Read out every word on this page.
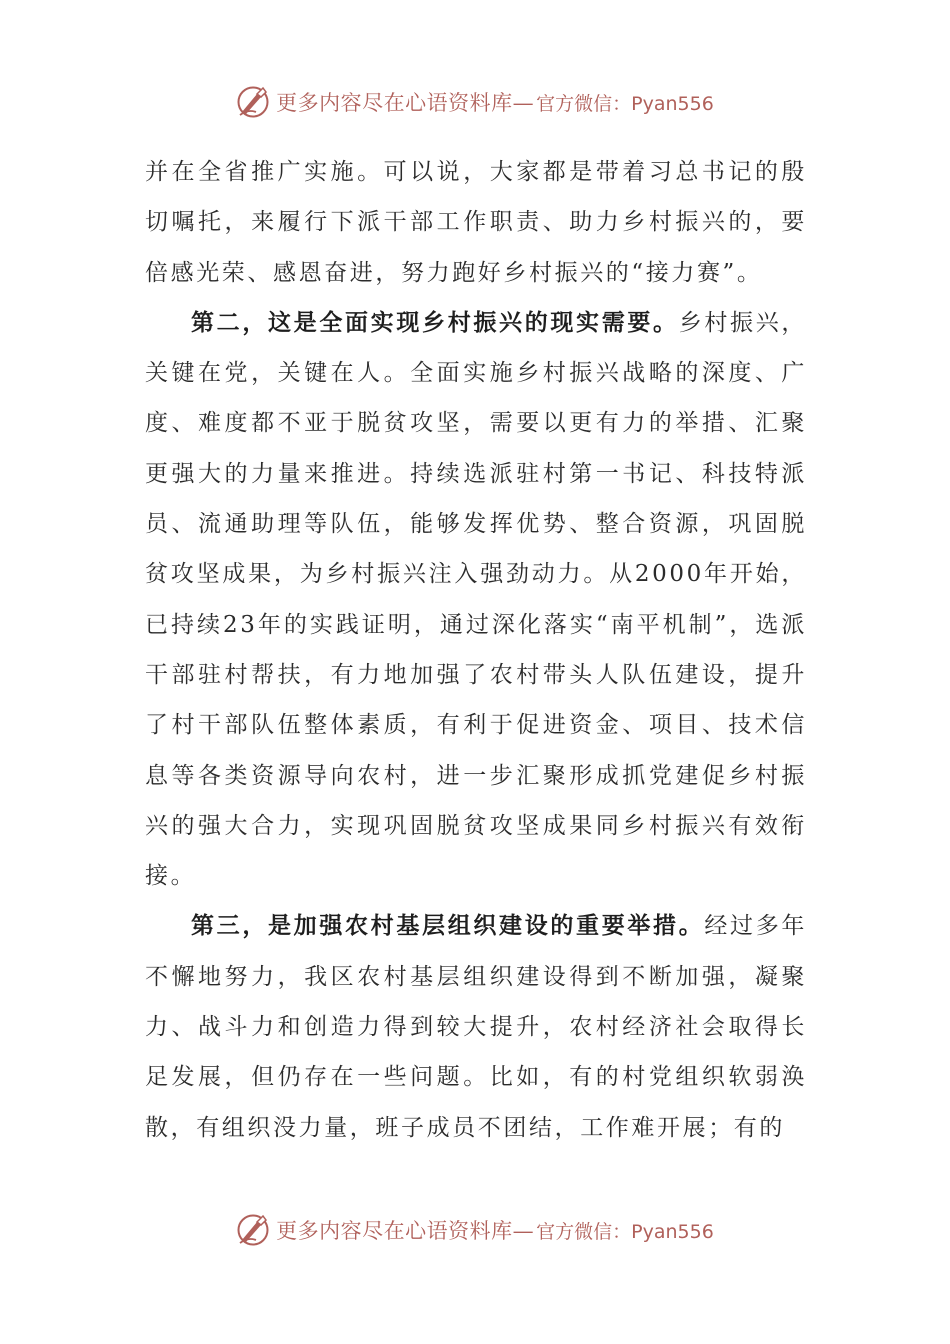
更多内容尽在心语资料库— 官方微信：Pyan556

并在全省推广实施。可以说，大家都是带着习总书记的殷切嘱托，来履行下派干部工作职责、助力乡村振兴的，要倍感光荣、感恩奋进，努力跑好乡村振兴的“接力赛”。

第二，这是全面实现乡村振兴的现实需要。乡村振兴，关键在党，关键在人。全面实施乡村振兴战略的深度、广度、难度都不亚于脱贫攻坚，需要以更有力的举措、汇聚更强大的力量来推进。持续选派驻村第一书记、科技特派员、流通助理等队伍，能够发挥优势、整合资源，巩固脱贫攻坚成果，为乡村振兴注入强劲动力。从2000年开始，已持续23年的实践证明，通过深化落实“南平机制”，选派干部驻村帮扶，有力地加强了农村带头人队伍建设，提升了村干部队伍整体素质，有利于促进资金、项目、技术信息等各类资源导向农村，进一步汇聚形成抓党建促乡村振兴的强大合力，实现巩固脱贫攻坚成果同乡村振兴有效衔接。

第三，是加强农村基层组织建设的重要举措。经过多年不懈地努力，我区农村基层组织建设得到不断加强，凝聚力、战斗力和创造力得到较大提升，农村经济社会取得长足发展，但仍存在一些问题。比如，有的村党组织软弱涣散，有组织没力量，班子成员不团结，工作难开展；有的

更多内容尽在心语资料库— 官方微信：Pyan556
